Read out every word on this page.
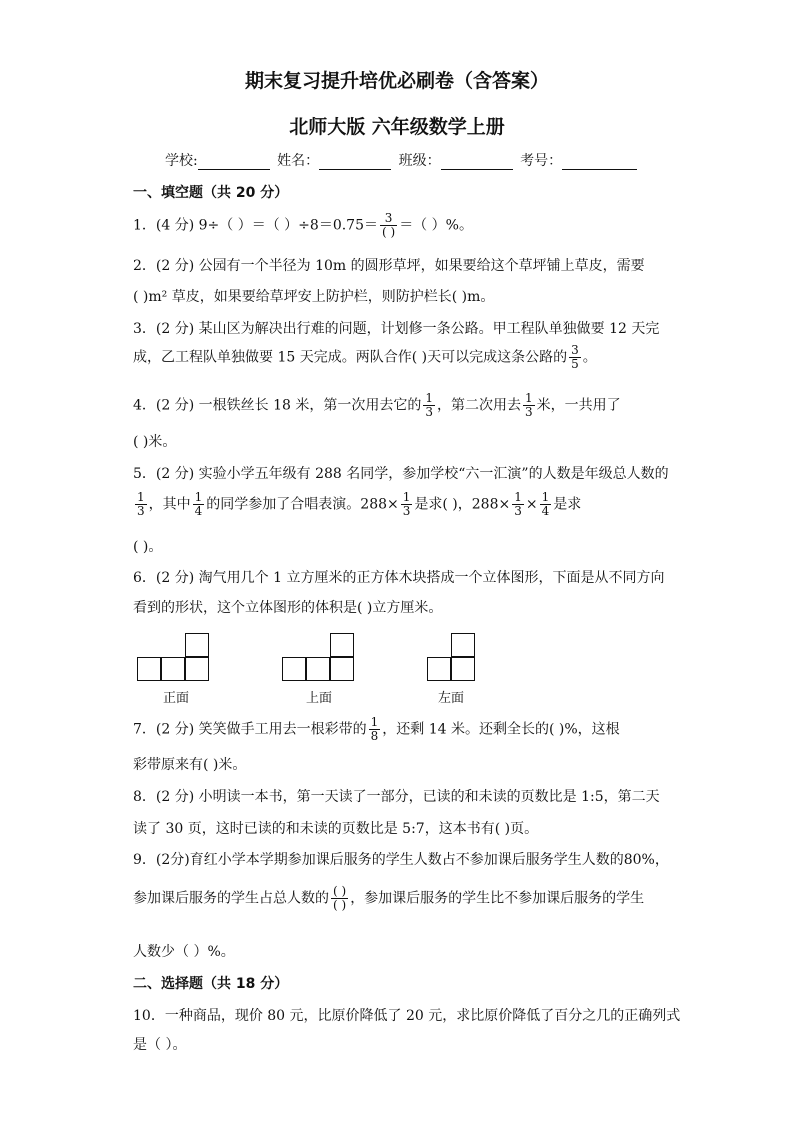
期末复习提升培优必刷卷（含答案）
北师大版 六年级数学上册
学校:	姓名：	班级：	考号：
一、填空题（共 20 分）
1．(4 分) 9÷（ ）＝（ ）$\div 8=0.75= \frac{3}{( )}$ ＝（ ）%。
2．(2 分) 公园有一个半径为 10m 的圆形草坪，如果要给这个草坪铺上草皮，需要
( )m² 草皮，如果要给草坪安上防护栏，则防护栏长( )m。
3．(2 分) 某山区为解决出行难的问题，计划修一条公路。甲工程队单独做要 12 天完
成，乙工程队单独做要 15 天完成。两队合作( )天可以完成这条公路的 $\frac{3}{5}$ 。
4．(2 分) 一根铁丝长 18 米，第一次用去它的 $\frac{1}{3}$ ，第二次用去 $\frac{1}{3}$ 米，一共用了
( )米。
5．(2 分) 实验小学五年级有 288 名同学，参加学校“六一汇演”的人数是年级总人数的
$\frac{1}{3}$ ，其中 $\frac{1}{4}$ 的同学参加了合唱表演。$288\times \frac{1}{3}$ 是求( )，$288\times \frac{1}{3} \times \frac{1}{4}$ 是求
( )。
6．(2 分) 淘气用几个 1 立方厘米的正方体木块搭成一个立体图形，下面是从不同方向
看到的形状，这个立体图形的体积是( )立方厘米。
正面	上面	左面
7．(2 分) 笑笑做手工用去一根彩带的 $\frac{1}{8}$ ，还剩 14 米。还剩全长的( )%，这根
彩带原来有( )米。
8．(2 分) 小明读一本书，第一天读了一部分，已读的和未读的页数比是 1:5，第二天
读了 30 页，这时已读的和未读的页数比是 5:7，这本书有( )页。
9．(2分)育红小学本学期参加课后服务的学生人数占不参加课后服务学生人数的80%，
参加课后服务的学生占总人数的 $\frac{( )}{( )}$ ，参加课后服务的学生比不参加课后服务的学生
人数少（ ）%。
二、选择题（共 18 分）
10．一种商品，现价 80 元，比原价降低了 20 元，求比原价降低了百分之几的正确列式
是（ ）。
